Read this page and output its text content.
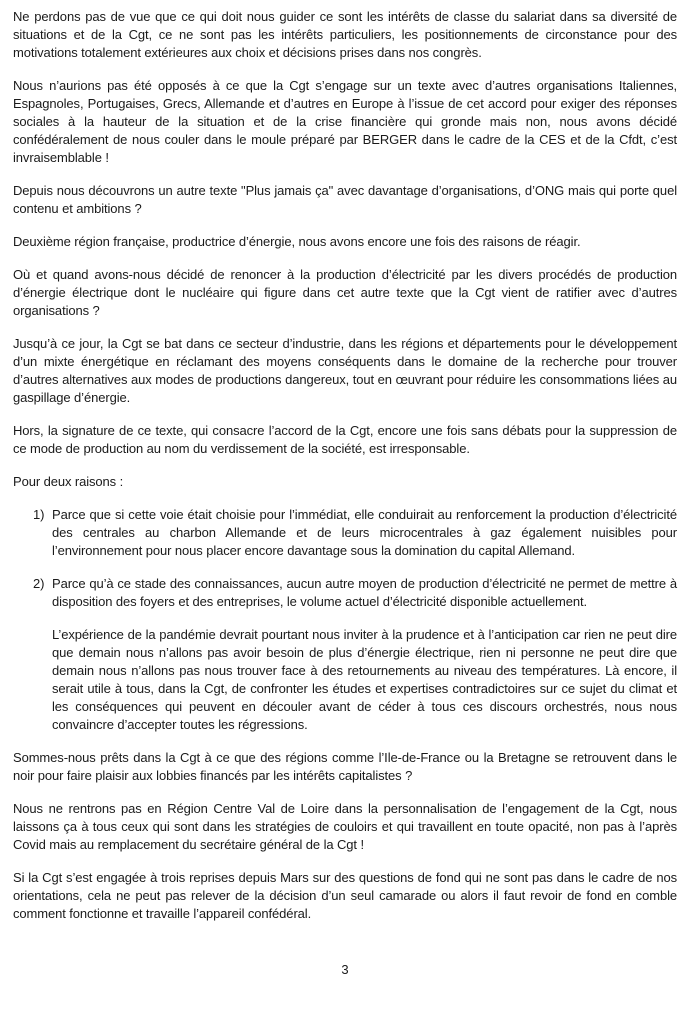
Ne perdons pas de vue que ce qui doit nous guider ce sont les intérêts de classe du salariat dans sa diversité de situations et de la Cgt, ce ne sont pas les intérêts particuliers, les positionnements de circonstance pour des motivations totalement extérieures aux choix et décisions prises dans nos congrès.

Nous n’aurions pas été opposés à ce que la Cgt s’engage sur un texte avec d’autres organisations Italiennes, Espagnoles, Portugaises, Grecs, Allemande et d’autres en Europe à l’issue de cet accord pour exiger des réponses sociales à la hauteur de la situation et de la crise financière qui gronde mais non, nous avons décidé confédéralement de nous couler dans le moule préparé par BERGER dans le cadre de la CES et de la Cfdt, c’est invraisemblable !

Depuis nous découvrons un autre texte "Plus jamais ça" avec davantage d’organisations, d’ONG mais qui porte quel contenu et ambitions ?

Deuxième région française, productrice d’énergie, nous avons encore une fois des raisons de réagir.

Où et quand avons-nous décidé de renoncer à la production d’électricité par les divers procédés de production d’énergie électrique dont le nucléaire qui figure dans cet autre texte que la Cgt vient de ratifier avec d’autres organisations ?

Jusqu’à ce jour, la Cgt se bat dans ce secteur d’industrie, dans les régions et départements pour le développement d’un mixte énergétique en réclamant des moyens conséquents dans le domaine de la recherche pour trouver d’autres alternatives aux modes de productions dangereux, tout en œuvrant pour réduire les consommations liées au gaspillage d’énergie.

Hors, la signature de ce texte, qui consacre l’accord de la Cgt, encore une fois sans débats pour la suppression de ce mode de production au nom du verdissement de la société, est irresponsable.

Pour deux raisons :

1) Parce que si cette voie était choisie pour l’immédiat, elle conduirait au renforcement la production d’électricité des centrales au charbon Allemande et de leurs microcentrales à gaz également nuisibles pour l’environnement pour nous placer encore davantage sous la domination du capital Allemand.
2) Parce qu’à ce stade des connaissances, aucun autre moyen de production d’électricité ne permet de mettre à disposition des foyers et des entreprises, le volume actuel d’électricité disponible actuellement.

L’expérience de la pandémie devrait pourtant nous inviter à la prudence et à l’anticipation car rien ne peut dire que demain nous n’allons pas avoir besoin de plus d’énergie électrique, rien ni personne ne peut dire que demain nous n’allons pas nous trouver face à des retournements au niveau des températures. Là encore, il serait utile à tous, dans la Cgt, de confronter les études et expertises contradictoires sur ce sujet du climat et les conséquences qui peuvent en découler avant de céder à tous ces discours orchestrés, nous nous convaincre d’accepter toutes les régressions.

Sommes-nous prêts dans la Cgt à ce que des régions comme l’Ile-de-France ou la Bretagne se retrouvent dans le noir pour faire plaisir aux lobbies financés par les intérêts capitalistes ?

Nous ne rentrons pas en Région Centre Val de Loire dans la personnalisation de l’engagement de la Cgt, nous laissons ça à tous ceux qui sont dans les stratégies de couloirs et qui travaillent en toute opacité, non pas à l’après Covid mais au remplacement du secrétaire général de la Cgt !

Si la Cgt s’est engagée à trois reprises depuis Mars sur des questions de fond qui ne sont pas dans le cadre de nos orientations, cela ne peut pas relever de la décision d’un seul camarade ou alors il faut revoir de fond en comble comment fonctionne et travaille l’appareil confédéral.

3
